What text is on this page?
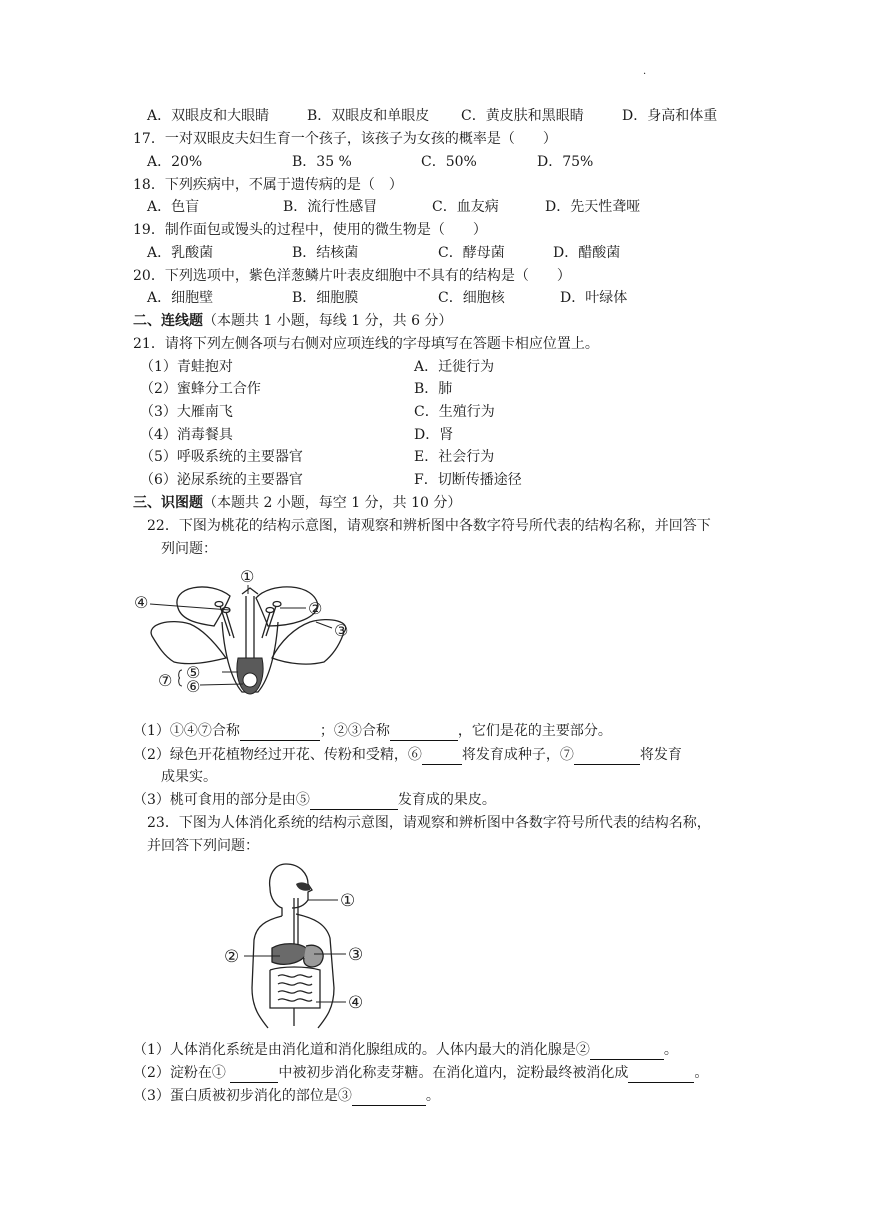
.
A．双眼皮和大眼睛	B．双眼皮和单眼皮 C．黄皮肤和黑眼睛	D．身高和体重
17．一对双眼皮夫妇生育一个孩子，该孩子为女孩的概率是（　　）
A．20%	B．35 %	C．50%	D．75%
18．下列疾病中，不属于遗传病的是（　）
A．色盲	B．流行性感冒	C．血友病	D．先天性聋哑
19．制作面包或馒头的过程中，使用的微生物是（　　）
A．乳酸菌	B．结核菌	C．酵母菌	D．醋酸菌
20．下列选项中，紫色洋葱鳞片叶表皮细胞中不具有的结构是（　　）
A．细胞壁	B．细胞膜	C．细胞核	D．叶绿体
二、连线题（本题共 1 小题，每线 1 分，共 6 分）
21．请将下列左侧各项与右侧对应项连线的字母填写在答题卡相应位置上。
（1）青蛙抱对
（2）蜜蜂分工合作
（3）大雁南飞
（4）消毒餐具
（5）呼吸系统的主要器官
（6）泌尿系统的主要器官
A．迁徙行为
B．肺
C．生殖行为
D．肾
E．社会行为
F．切断传播途径
三、识图题（本题共 2 小题，每空 1 分，共 10 分）
22．下图为桃花的结构示意图，请观察和辨析图中各数字符号所代表的结构名称，并回答下
列问题：
①
④	②
③
⑤
⑥
⑦
（1）①④⑦合称	；②③合称	，它们是花的主要部分。
（2）绿色开花植物经过开花、传粉和受精，⑥	将发育成种子，⑦	将发育
成果实。
（3）桃可食用的部分是由⑤	发育成的果皮。
23．下图为人体消化系统的结构示意图，请观察和辨析图中各数字符号所代表的结构名称，
并回答下列问题：
①
②	③
④
（1）人体消化系统是由消化道和消化腺组成的。人体内最大的消化腺是②	。
（2）淀粉在①	中被初步消化称麦芽糖。在消化道内，淀粉最终被消化成	。
（3）蛋白质被初步消化的部位是③	。
